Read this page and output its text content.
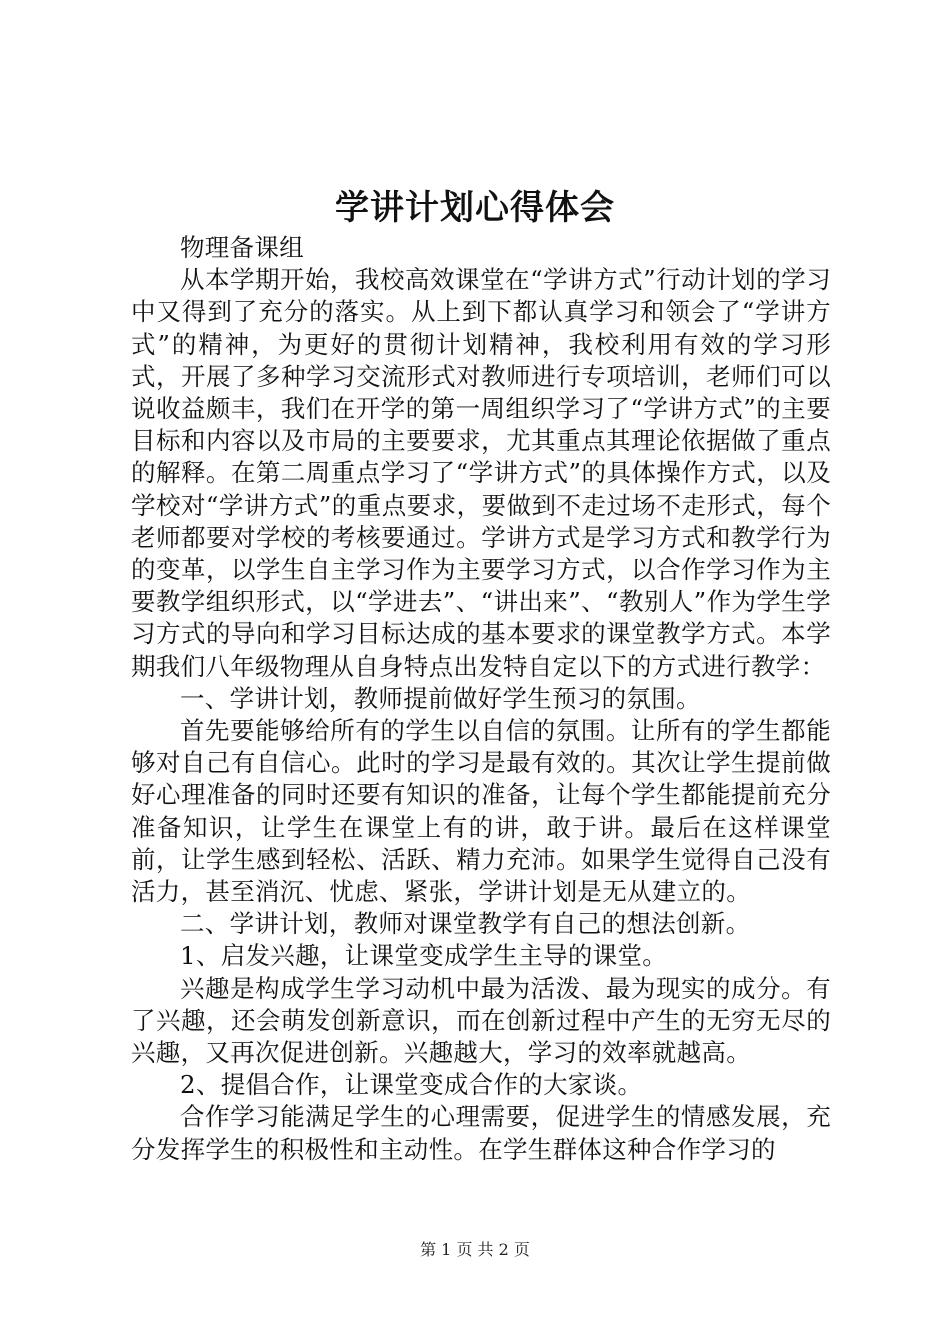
学讲计划心得体会

物理备课组

从本学期开始，我校高效课堂在“学讲方式”行动计划的学习中又得到了充分的落实。从上到下都认真学习和领会了“学讲方式”的精神，为更好的贯彻计划精神，我校利用有效的学习形式，开展了多种学习交流形式对教师进行专项培训，老师们可以说收益颇丰，我们在开学的第一周组织学习了“学讲方式”的主要目标和内容以及市局的主要要求，尤其重点其理论依据做了重点的解释。在第二周重点学习了“学讲方式”的具体操作方式，以及学校对“学讲方式”的重点要求，要做到不走过场不走形式，每个老师都要对学校的考核要通过。学讲方式是学习方式和教学行为的变革，以学生自主学习作为主要学习方式，以合作学习作为主要教学组织形式，以“学进去”、“讲出来”、“教别人”作为学生学习方式的导向和学习目标达成的基本要求的课堂教学方式。本学期我们八年级物理从自身特点出发特自定以下的方式进行教学：

一、学讲计划，教师提前做好学生预习的氛围。

首先要能够给所有的学生以自信的氛围。让所有的学生都能够对自己有自信心。此时的学习是最有效的。其次让学生提前做好心理准备的同时还要有知识的准备，让每个学生都能提前充分准备知识，让学生在课堂上有的讲，敢于讲。最后在这样课堂前，让学生感到轻松、活跃、精力充沛。如果学生觉得自己没有活力，甚至消沉、忧虑、紧张，学讲计划是无从建立的。

二、学讲计划，教师对课堂教学有自己的想法创新。

1、启发兴趣，让课堂变成学生主导的课堂。

兴趣是构成学生学习动机中最为活泼、最为现实的成分。有了兴趣，还会萌发创新意识，而在创新过程中产生的无穷无尽的兴趣，又再次促进创新。兴趣越大，学习的效率就越高。

2、提倡合作，让课堂变成合作的大家谈。

合作学习能满足学生的心理需要，促进学生的情感发展，充分发挥学生的积极性和主动性。在学生群体这种合作学习的

第 1 页 共 2 页
